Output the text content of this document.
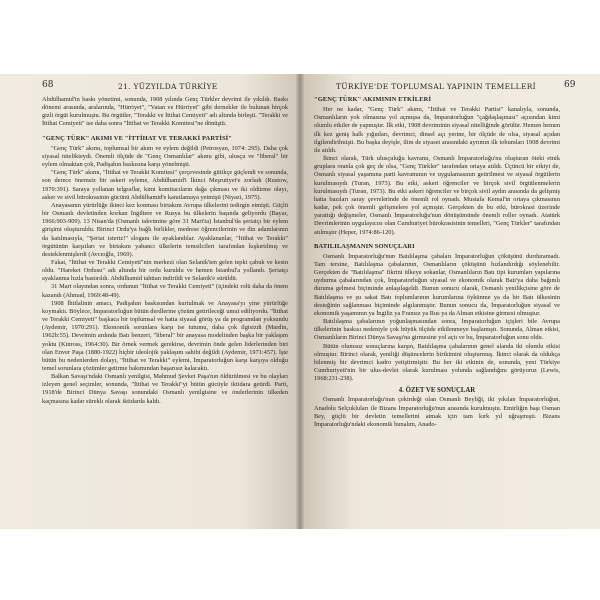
68	21. YÜZYILDA TÜRKİYE

Abdülhamid'in baskı yönetimi, sonunda, 1908 yılında Genç Türkler devrimi ile yıkıldı. Baskı dönemi arasında, aralarında, "Hürriyet", "Vatan ve Hürriyet" gibi dernekler ile bulunan birçok gizli örgüt kurulmuştu. Bu örgütler, "Terakki ve İttihat Cemiyeti" adı altında birleşti. "Terakki ve İttihat Cemiyeti" ise daha sonra "İttihat ve Terakki Komitesi"ne dönüştü.

"GENÇ TÜRK" AKIMI VE "İTTİHAT VE TERAKKİ PARTİSİ"

"Genç Türk" akımı, toplumsal bir akım ve eylem değildi (Petrosyan, 1974: 295). Daha çok siyasal nitelikteydi. Önemli ölçüde de "Genç Osmanlılar" akımı gibi, ulusçu ve "liberal" bir eylem olmaktan çok, Padişahın baskısına karşı yönelmişti.

"Genç Türk" akımı, "İttihat ve Terakki Komitesi" çerçevesinde gittikçe güçlendi ve sonunda, son derece önemsiz bir askeri eyleme, Abdülhamid'i İkinci Meşrutiyet'e zorladı (Rustow, 1970:391). Saraya yollanan telgraflar, kimi komitacıların dağa çıkması ve iki oldürme olayı, asker ve sivil bürokrasinin gücünü Abdülhamid'e kanıtlamaya yetmişti (Niyazi, 1975).

Anayasanın yürürlüğe ikinci kez konması birtakım Avrupa ülkelerini tedirgin etmişti. Güçlü bir Osmanlı devletinden korkan İngiltere ve Rusya bu ülkelerin başında geliyordu (Bayar, 1966:903-909). 13 Nisan'da (Osmanlı takvimine göre 31 Mart'ta) İstanbul'da şeriatçı bir eylem girişimi oluşturuldu. Birinci Ordu'ya bağlı birlikler, medrese öğrencilerinin ve din adamlarının da katılmasıyla, "Şeriat isteriz!" sloganı ile ayaklandılar. Ayaklananlar, "İttihat ve Terakki" örgütünün karşıtları ve birtakım yabancı ülkelerin temsilcileri tarafından kışkırtılmış ve desteklenmişlerdi (Avcıoğlu, 1969).

Fakat, "İttihat ve Terakki Cemiyeti"nin merkezi olan Selanik'ten gelen tepki çabuk ve kesin oldu. "Hareket Ordusu" adı altında bir ordu kuruldu ve hemen İstanbul'a yollandı. Şeriatçı ayaklanma hızla bastırıldı. Abdülhamid tahttan indirildi ve Selanik'e sürüldü.

31 Mart olayından sonra, ordunun "İttihat ve Terakki Cemiyeti" (içindeki rolü daha da önem kazandı (Ahmad, 1969:48-49).

1908 İhtilalinin amacı, Padişahın baskısından kurtulmak ve Anayasa'yı yine yürürlüğe koymaktı. Böylece, İmparatorluğun bütün derdlerine çözüm getirileceği umut ediliyordu. "İttihat ve Terakki Cemiyeti" başkaca bir toplumsal ve hatta siyasal görüş ya da programdan yoksundu (Aydemir, 1970:291). Ekonomik sorunlara karşı ise tutumu, daha çok ilgisizdi (Mardin, 1962b:55). Devrimin ardında Batı benzeri, "liberal" bir anayasa modelinden başka bir yaklaşım yoktu (Kinross, 1964:30). Bir örnek vermek gerekirse, devrimin önde gelen liderlerinden biri olan Enver Paşa (1880-1922) hiçbir ideolojik yaklaşım sahibi değildi (Aydemir, 1971:457). İşte bütün bu nedenlerden dolayı, "İttihat ve Terakki" eylemi, İmparatorluğun karşı karşıya olduğu temel sorunlara çözümler getirme bakımından başarısız kalacaktı.

Balkan Savaşı'ndaki Osmanlı yenilgisi, Mahmud Şevket Paşa'nın öldürülmesi ve bu olayları izleyen genel seçimler, sonunda, "İttihat ve Terakki"yi bütün gücüyle iktidara getirdi. Parti, 1918'de Birinci Dünya Savaşı sonundaki Osmanlı yenilgisine ve önderlerinin ülkeden kaçmasına kadar süreklı olarak iktidarda kaldı.

TÜRKİYE'DE TOPLUMSAL YAPININ TEMELLERİ	69
"GENÇ TÜRK" AKIMININ ETKİLERİ

Her ne kadar, "Genç Türk" akımı, "İttihat ve Terakki Partisi" kanalıyla, sonunda, Osmanlıların yok olmasına yol açmışsa da, İmparatorluğun "çağdaşlaşması" açısından kimi olumlu etkiler de yapmıştır. İlk etki, 1908 devriminin siyasal nitelliğinde görülür. Hemen hemen ilk kez geniş halk yığınları, devrimci, dinsel açı yerine, bir ölçüde de olsa, siyasal açıdan ilgilendirilmişti. Bu başka deyişle, ilim de siyaset arasındaki ayrımın ilk tohumları 1908 devrimi ile atıldı.

İkinci olarak, Türk ulusçuluğu kavramı, Osmanlı İmparatorluğu'nu oluşturan öteki etnik gruplara oranla çok geç de olsa, "Genç Türkler" tarafından ortaya atıldı. Üçüncü bir etkiyi de, Osmanlı siyasal yaşamına parti kavramının ve uygulamasının getirilmesi ve siyasal örgütlerin kurulmasıydı (Turan, 1973). Bu etki, askeri öğrenciler ve birçok sivil örgütlenmelerin kurulmasıydı (Turan, 1973). Bu etki askeri öğrenciler ve birçok sivil aydın arasında da gelişmiş hatta bazıları saray çevrelerinde de önemli rol oynadı. Mustafa Kemal'in ortaya çıkmasının kadar, pek çok önemli gelişmelere yol açmıştır. Gerçekten de bu etki, bürokrasi üzerinde yarattığı değişmeler, Osmanlı İmparatorluğu'nun dönüşümünde önemli roller oynadı. Atatürk Devrimlerinin uygulayıcısı olan Cumhuriyet bürokrasisinin temelleri, "Genç Türkler" tarafından atılmıştır (Heper, 1974:86-120).

BATILILAŞMANIN SONUÇLARI

Osmanlı İmparatorluğu'nun Batılılaşma çabaları İmparatorluğun çöküşünü durduramadı. Tam tersine, Batılılaşma çabalarının, Osmanlıların çöküşünü hızlandırdığı söylenebilir. Gerçekten de "Batılılaşma" fikrini ülkeye sokanlar, Osmanlıların Batı tipi kurumları yapılarına uydurma çabalarından çok, İmparatorluğun siyasal ve ekonomik olarak Batı'ya daha bağımlı duruma gelmesi biçiminde anlaşılageldi. Bunun sonucu olarak, Osmanlı yenilikçisine göre de Batılılaşma ve şu sakat Batı toplumlarının kurumlarına öykünme ya da bir Batı ülkesinin desteğinin sağlanması biçiminde algılanmıştır. Bunun sonucu da, İmparatorluğun siyasal ve ekonomik yaşamının ya İngiliz ya Fransız ya Rus ya da Alman etkisine girmesi olmuştur.

Batılılaşma çabalarının yoğunlaşmasından sonra, İmparatorluğun içişleri bile Avrupa ülkelerinin baskısı nedeniyle çok büyük ölçüde etkilenmeye başlamıştı. Sonunda, Alman etkisi, Osmanlıların Birinci Dünya Savaşı'na girmesine yol açtı ve bu, İmparatorluğun sonu oldu.

Bütün olumsuz sonuçlarına karşın, Batılılaşma çabalarının genel alanda iki olumlu etkisi olmuştur. Birinci olarak, yeniliği düşüncelerin birikimini oluşturmuş. İkinci olarak da oldukça bilenmiş bir devrimci kadro yetiştirmiştir. Bu her iki etkinin de, sonunda, yeni Türkiye Cumhuriyeti'nin bir ulus-devlet olarak kurulması yolunda sağlandığını görüyoruz (Lewis, 1968:231-238).

4. ÖZET VE SONUÇLAR

Osmanlı İmparatorluğu'nun çekirdeği olan Osmanlı Beyliği, iki yıkılan İmparatorluğun, Anadolu Selçukluları ile Bizans İmparatorluğu'nun arasında kurulmuştu. Emirliğin başı Osman Bey, güçlü bir devletin temellerini atmak için tam kırk yıl uğraşmıştı. Bizans İmparatorluğu'ndaki ekonomik bunalım, Anado-
